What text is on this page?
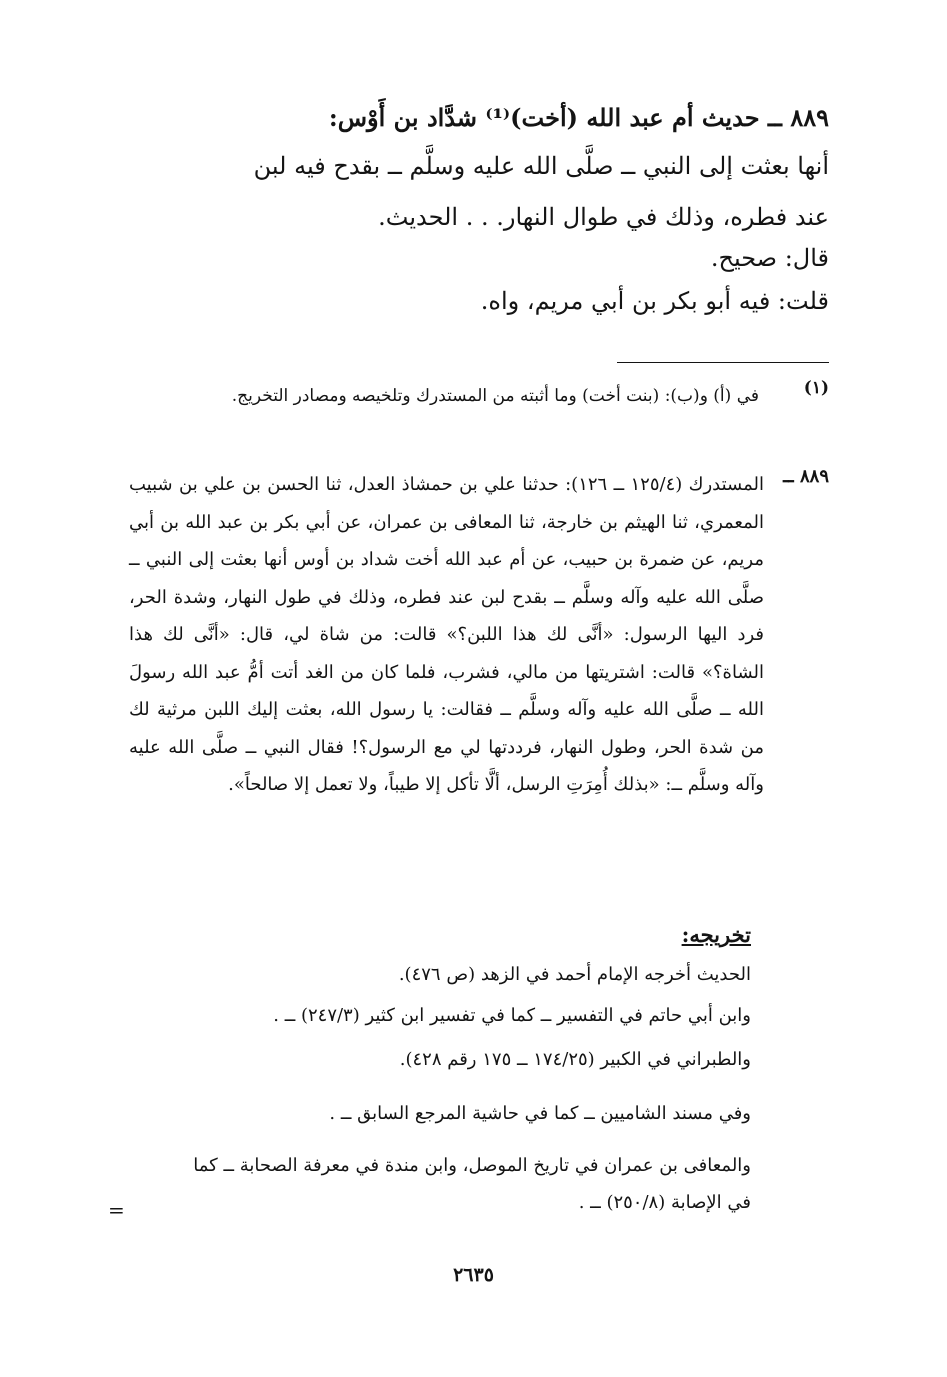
٨٨٩ ــ حديث أم عبد الله (أخت)⁽¹⁾ شدَّاد بن أَوْس:
أنها بعثت إلى النبي ــ صلَّى الله عليه وسلَّم ــ بقدح فيه لبن
عند فطره، وذلك في طوال النهار. . . الحديث.
قال: صحيح.
قلت: فيه أبو بكر بن أبي مريم، واه.
(١)
في (أ) و(ب): (بنت أخت) وما أثبته من المستدرك وتلخيصه ومصادر التخريج.
٨٨٩ ــ
المستدرك (١٢٥/٤ ــ ١٢٦): حدثنا علي بن حمشاذ العدل، ثنا الحسن بن علي بن شبيب المعمري، ثنا الهيثم بن خارجة، ثنا المعافى بن عمران، عن أبي بكر بن عبد الله بن أبي مريم، عن ضمرة بن حبيب، عن أم عبد الله أخت شداد بن أوس أنها بعثت إلى النبي ــ صلَّى الله عليه وآله وسلَّم ــ بقدح لبن عند فطره، وذلك في طول النهار، وشدة الحر، فرد اليها الرسول: «أنَّى لك هذا اللبن؟» قالت: من شاة لي، قال: «أنَّى لك هذا الشاة؟» قالت: اشتريتها من مالي، فشرب، فلما كان من الغد أتت أمُّ عبد الله رسولَ الله ــ صلَّى الله عليه وآله وسلَّم ــ فقالت: يا رسول الله، بعثت إليك اللبن مرثية لك من شدة الحر، وطول النهار، فرددتها لي مع الرسول؟! فقال النبي ــ صلَّى الله عليه وآله وسلَّم ــ: «بذلك أُمِرَتِ الرسل، ألَّا تأكل إلا طيباً، ولا تعمل إلا صالحاً».
تخريجه:
الحديث أخرجه الإمام أحمد في الزهد (ص ٤٧٦).
وابن أبي حاتم في التفسير ــ كما في تفسير ابن كثير (٢٤٧/٣) ــ .
والطبراني في الكبير (١٧٤/٢٥ ــ ١٧٥ رقم ٤٢٨).
وفي مسند الشاميين ــ كما في حاشية المرجع السابق ــ .
والمعافى بن عمران في تاريخ الموصل، وابن مندة في معرفة الصحابة ــ كما
في الإصابة (٢٥٠/٨) ــ .
=
٢٦٣٥
